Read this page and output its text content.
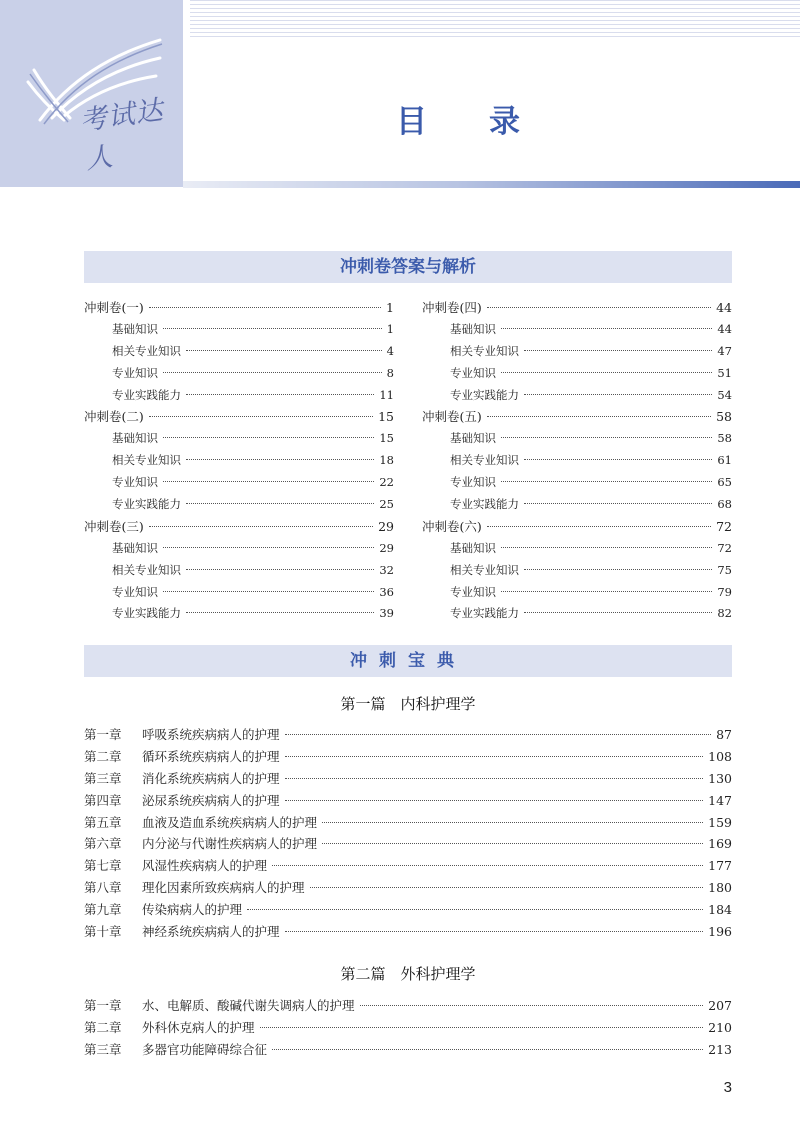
考试达人
目录
冲刺卷答案与解析
冲刺卷(一)	1
基础知识	1
相关专业知识	4
专业知识	8
专业实践能力	11
冲刺卷(二)	15
基础知识	15
相关专业知识	18
专业知识	22
专业实践能力	25
冲刺卷(三)	29
基础知识	29
相关专业知识	32
专业知识	36
专业实践能力	39
冲刺卷(四)	44
基础知识	44
相关专业知识	47
专业知识	51
专业实践能力	54
冲刺卷(五)	58
基础知识	58
相关专业知识	61
专业知识	65
专业实践能力	68
冲刺卷(六)	72
基础知识	72
相关专业知识	75
专业知识	79
专业实践能力	82
冲刺宝典
第一篇　内科护理学
第一章	呼吸系统疾病病人的护理	87
第二章	循环系统疾病病人的护理	108
第三章	消化系统疾病病人的护理	130
第四章	泌尿系统疾病病人的护理	147
第五章	血液及造血系统疾病病人的护理	159
第六章	内分泌与代谢性疾病病人的护理	169
第七章	风湿性疾病病人的护理	177
第八章	理化因素所致疾病病人的护理	180
第九章	传染病病人的护理	184
第十章	神经系统疾病病人的护理	196
第二篇　外科护理学
第一章	水、电解质、酸碱代谢失调病人的护理	207
第二章	外科休克病人的护理	210
第三章	多器官功能障碍综合征	213
3
